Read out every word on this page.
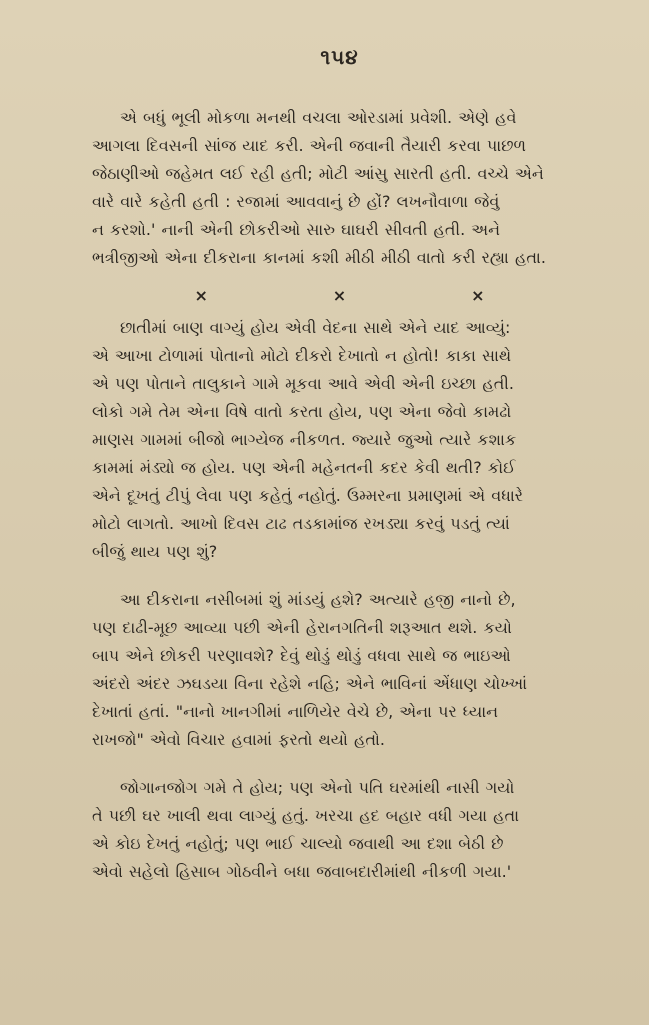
૧૫૪
એ બધું ભૂલી મોકળા મનથી વચલા ઓરડામાં પ્રવેશી. એણે હવે
આગલા દિવસની સાંજ યાદ કરી. એની જવાની તૈયારી કરવા પાછળ
જેઠાણીઓ જહેમત લઈ રહી હતી; મોટી આંસુ સારતી હતી. વચ્ચે એને
વારે વારે કહેતી હતી : રજામાં આવવાનું છે હોં? લખનૌવાળા જેવું
ન કરશો.' નાની એની છોકરીઓ સારુ ઘાઘરી સીવતી હતી. અને
ભત્રીજીઓ એના દીકરાના કાનમાં કશી મીઠી મીઠી વાતો કરી રહ્યા હતા.
×	×	×
છાતીમાં બાણ વાગ્યું હોય એવી વેદના સાથે એને યાદ આવ્યું:
એ આખા ટોળામાં પોતાનો મોટો દીકરો દેખાતો ન હોતો! કાકા સાથે
એ પણ પોતાને તાલુકાને ગામે મૂકવા આવે એવી એની ઇચ્છા હતી.
લોકો ગમે તેમ એના વિષે વાતો કરતા હોય, પણ એના જેવો કામઢો
માણસ ગામમાં બીજો ભાગ્યેજ નીકળત. જ્યારે જુઓ ત્યારે કશાક
કામમાં મંડ્યો જ હોય. પણ એની મહેનતની કદર કેવી થતી? કોઈ
એને દૂખતું ટીપું લેવા પણ કહેતું નહોતું. ઉમ્મરના પ્રમાણમાં એ વધારે
મોટો લાગતો. આખો દિવસ ટાઢ તડકામાંજ રખડ્યા કરવું પડતું ત્યાં
બીજું થાય પણ શું?
આ દીકરાના નસીબમાં શું માંડયું હશે? અત્યારે હજી નાનો છે,
પણ દાઢી-મૂછ આવ્યા પછી એની હેરાનગતિની શરૂઆત થશે. કયો
બાપ એને છોકરી પરણાવશે? દેવું થોડું થોડું વધવા સાથે જ ભાઇઓ
અંદરો અંદર ઝઘડયા વિના રહેશે નહિ; એને ભાવિનાં એંધાણ ચોખ્ખાં
દેખાતાં હતાં. "નાનો ખાનગીમાં નાળિયેર વેચે છે, એના પર ધ્યાન
રાખજો" એવો વિચાર હવામાં ફરતો થયો હતો.
જોગાનજોગ ગમે તે હોય; પણ એનો પતિ ઘરમાંથી નાસી ગયો
તે પછી ઘર ખાલી થવા લાગ્યું હતું. ખરચા હદ બહાર વધી ગયા હતા
એ કોઇ દેખતું નહોતું; પણ ભાઈ ચાલ્યો જવાથી આ દશા બેઠી છે
એવો સહેલો હિસાબ ગોઠવીને બધા જવાબદારીમાંથી નીકળી ગયા.'
